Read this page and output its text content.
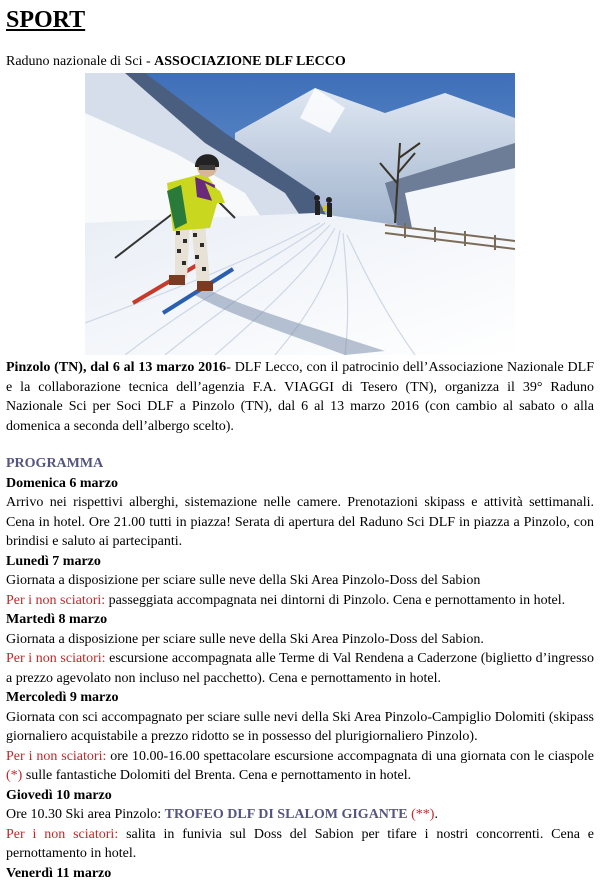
SPORT
Raduno nazionale di Sci - ASSOCIAZIONE DLF LECCO

Pinzolo (TN), dal 6 al 13 marzo 2016- DLF Lecco, con il patrocinio dell’Associazione Nazionale DLF e la collaborazione tecnica dell’agenzia F.A. VIAGGI di Tesero (TN), organizza il 39° Raduno Nazionale Sci per Soci DLF a Pinzolo (TN), dal 6 al 13 marzo 2016 (con cambio al sabato o alla domenica a seconda dell’albergo scelto).

PROGRAMMA
Domenica 6 marzo

Arrivo nei rispettivi alberghi, sistemazione nelle camere. Prenotazioni skipass e attività settimanali. Cena in hotel. Ore 21.00 tutti in piazza! Serata di apertura del Raduno Sci DLF in piazza a Pinzolo, con brindisi e saluto ai partecipanti.

Lunedì 7 marzo

Giornata a disposizione per sciare sulle neve della Ski Area Pinzolo-Doss del Sabion

Per i non sciatori: passeggiata accompagnata nei dintorni di Pinzolo. Cena e pernottamento in hotel.

Martedì 8 marzo

Giornata a disposizione per sciare sulle neve della Ski Area Pinzolo-Doss del Sabion.

Per i non sciatori: escursione accompagnata alle Terme di Val Rendena a Caderzone (biglietto d’ingresso a prezzo agevolato non incluso nel pacchetto). Cena e pernottamento in hotel.

Mercoledì 9 marzo

Giornata con sci accompagnato per sciare sulle nevi della Ski Area Pinzolo-Campiglio Dolomiti (skipass giornaliero acquistabile a prezzo ridotto se in possesso del plurigiornaliero Pinzolo).

Per i non sciatori: ore 10.00-16.00 spettacolare escursione accompagnata di una giornata con le ciaspole (*) sulle fantastiche Dolomiti del Brenta. Cena e pernottamento in hotel.

Giovedì 10 marzo

Ore 10.30 Ski area Pinzolo: TROFEO DLF DI SLALOM GIGANTE (**).

Per i non sciatori: salita in funivia sul Doss del Sabion per tifare i nostri concorrenti. Cena e pernottamento in hotel.

Venerdì 11 marzo
